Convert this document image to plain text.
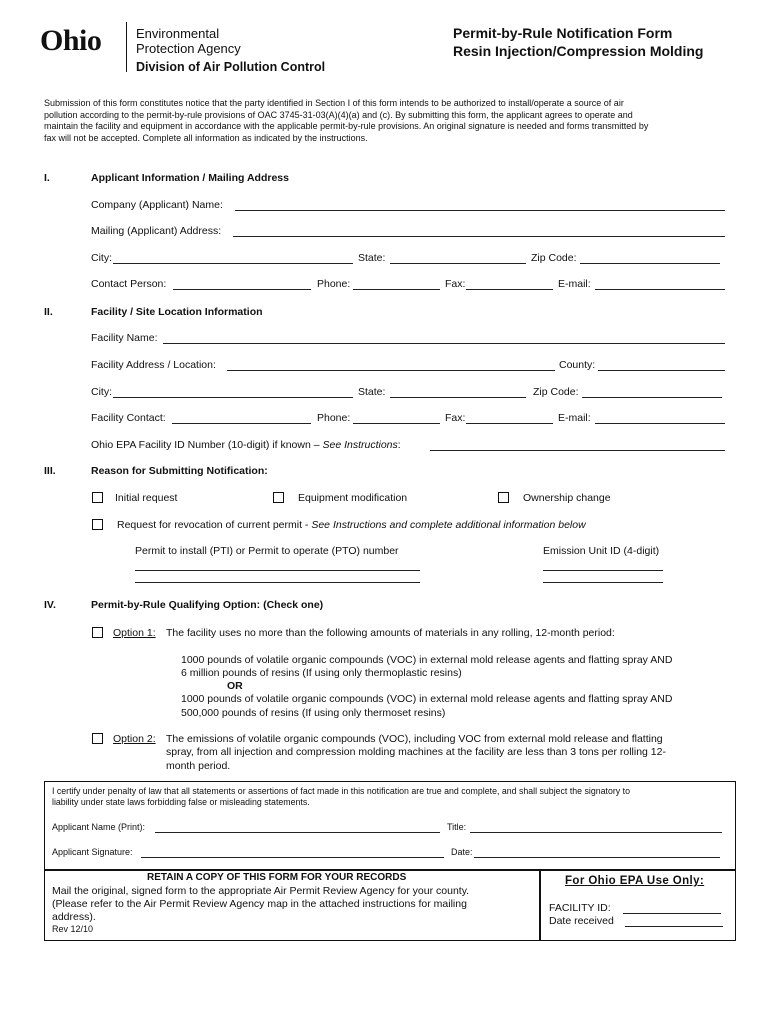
Ohio	Environmental
Protection Agency
Division of Air Pollution Control
Permit-by-Rule Notification Form
Resin Injection/Compression Molding
Submission of this form constitutes notice that the party identified in Section I of this form intends to be authorized to install/operate a source of air
pollution according to the permit-by-rule provisions of OAC 3745-31-03(A)(4)(a) and (c). By submitting this form, the applicant agrees to operate and
maintain the facility and equipment in accordance with the applicable permit-by-rule provisions. An original signature is needed and forms transmitted by
fax will not be accepted. Complete all information as indicated by the instructions.
I.	Applicant Information / Mailing Address
Company (Applicant) Name:
Mailing (Applicant) Address:
City:	State:	Zip Code:
Contact Person:	Phone:	Fax:	E-mail:
II.	Facility / Site Location Information
Facility Name:
Facility Address / Location:	County:
City:	State:	Zip Code:
Facility Contact:	Phone:	Fax:	E-mail:
Ohio EPA Facility ID Number (10-digit) if known – See Instructions:
III.	Reason for Submitting Notification:
Initial request	Equipment modification	Ownership change
Request for revocation of current permit - See Instructions and complete additional information below
Permit to install (PTI) or Permit to operate (PTO) number	Emission Unit ID (4-digit)
IV.	Permit-by-Rule Qualifying Option: (Check one)
Option 1: The facility uses no more than the following amounts of materials in any rolling, 12-month period:
1000 pounds of volatile organic compounds (VOC) in external mold release agents and flatting spray AND
6 million pounds of resins (If using only thermoplastic resins)
OR
1000 pounds of volatile organic compounds (VOC) in external mold release agents and flatting spray AND
500,000 pounds of resins (If using only thermoset resins)
Option 2: The emissions of volatile organic compounds (VOC), including VOC from external mold release and flatting
spray, from all injection and compression molding machines at the facility are less than 3 tons per rolling 12-
month period.
I certify under penalty of law that all statements or assertions of fact made in this notification are true and complete, and shall subject the signatory to
liability under state laws forbidding false or misleading statements.
Applicant Name (Print):	Title:
Applicant Signature:	Date:
RETAIN A COPY OF THIS FORM FOR YOUR RECORDS
Mail the original, signed form to the appropriate Air Permit Review Agency for your county.
(Please refer to the Air Permit Review Agency map in the attached instructions for mailing
address).
Rev 12/10
For Ohio EPA Use Only:
FACILITY ID:
Date received
